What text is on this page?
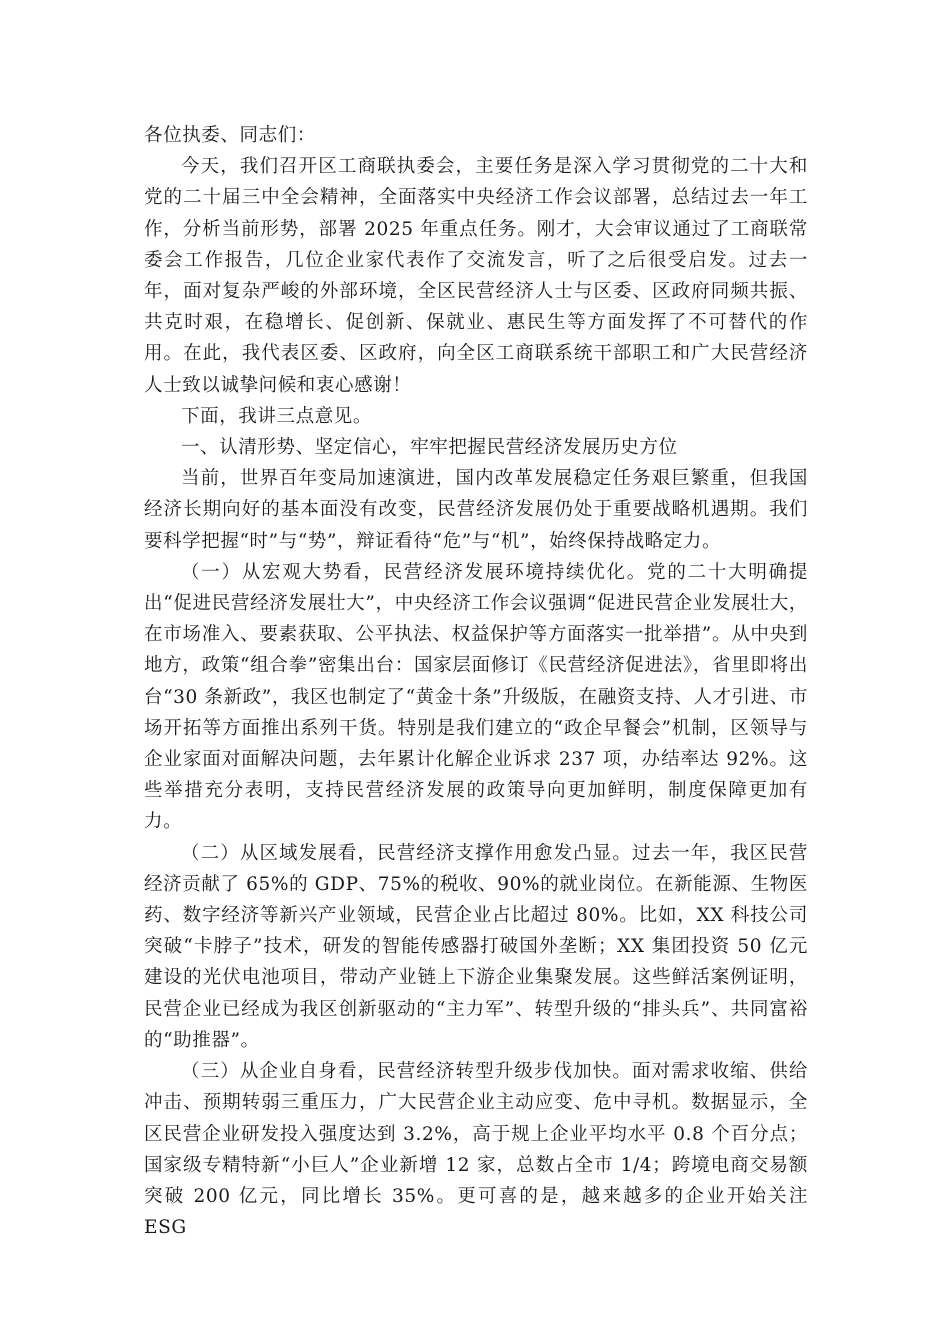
各位执委、同志们：

今天，我们召开区工商联执委会，主要任务是深入学习贯彻党的二十大和党的二十届三中全会精神，全面落实中央经济工作会议部署，总结过去一年工作，分析当前形势，部署 2025 年重点任务。刚才，大会审议通过了工商联常委会工作报告，几位企业家代表作了交流发言，听了之后很受启发。过去一年，面对复杂严峻的外部环境，全区民营经济人士与区委、区政府同频共振、共克时艰，在稳增长、促创新、保就业、惠民生等方面发挥了不可替代的作用。在此，我代表区委、区政府，向全区工商联系统干部职工和广大民营经济人士致以诚挚问候和衷心感谢！

下面，我讲三点意见。

一、认清形势、坚定信心，牢牢把握民营经济发展历史方位

当前，世界百年变局加速演进，国内改革发展稳定任务艰巨繁重，但我国经济长期向好的基本面没有改变，民营经济发展仍处于重要战略机遇期。我们要科学把握“时”与“势”，辩证看待“危”与“机”，始终保持战略定力。

（一）从宏观大势看，民营经济发展环境持续优化。党的二十大明确提出“促进民营经济发展壮大”，中央经济工作会议强调“促进民营企业发展壮大，在市场准入、要素获取、公平执法、权益保护等方面落实一批举措”。从中央到地方，政策“组合拳”密集出台：国家层面修订《民营经济促进法》，省里即将出台“30 条新政”，我区也制定了“黄金十条”升级版，在融资支持、人才引进、市场开拓等方面推出系列干货。特别是我们建立的“政企早餐会”机制，区领导与企业家面对面解决问题，去年累计化解企业诉求 237 项，办结率达 92%。这些举措充分表明，支持民营经济发展的政策导向更加鲜明，制度保障更加有力。

（二）从区域发展看，民营经济支撑作用愈发凸显。过去一年，我区民营经济贡献了 65%的 GDP、75%的税收、90%的就业岗位。在新能源、生物医药、数字经济等新兴产业领域，民营企业占比超过 80%。比如，XX 科技公司突破“卡脖子”技术，研发的智能传感器打破国外垄断；XX 集团投资 50 亿元建设的光伏电池项目，带动产业链上下游企业集聚发展。这些鲜活案例证明，民营企业已经成为我区创新驱动的“主力军”、转型升级的“排头兵”、共同富裕的“助推器”。

（三）从企业自身看，民营经济转型升级步伐加快。面对需求收缩、供给冲击、预期转弱三重压力，广大民营企业主动应变、危中寻机。数据显示，全区民营企业研发投入强度达到 3.2%，高于规上企业平均水平 0.8 个百分点；国家级专精特新“小巨人”企业新增 12 家，总数占全市 1/4；跨境电商交易额突破 200 亿元，同比增长 35%。更可喜的是，越来越多的企业开始关注 ESG
